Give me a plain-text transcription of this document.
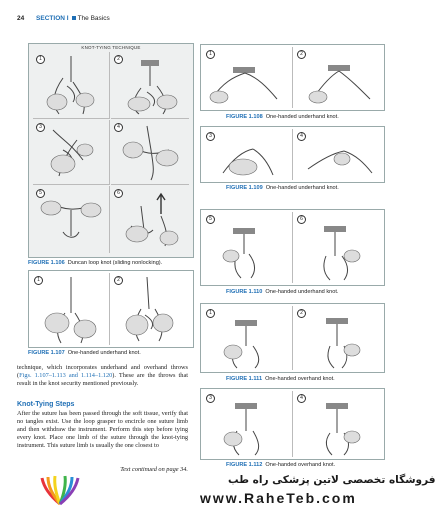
24 SECTION I The Basics
KNOT-TYING TECHNIQUE
1	2
3	4
5	6
FIGURE 1.106 Duncan loop knot (sliding nonlocking).
1	2
FIGURE 1.107 One-handed underhand knot.
technique, which incorporates underhand and overhand throws (Figs. 1.107–1.113 and 1.114–1.120). These are the throws that result in the knot security mentioned previously.
Knot-Tying Steps
After the suture has been passed through the soft tissue, verify that no tangles exist. Use the loop grasper to encircle one suture limb and then withdraw the instrument. Perform this step before tying every knot. Place one limb of the suture through the knot-tying instrument. This suture limb is usually the one closest to
Text continued on page 34.
1	2
FIGURE 1.108 One-handed underhand knot.
3	4
FIGURE 1.109 One-handed underhand knot.
5	6
FIGURE 1.110 One-handed underhand knot.
1	2
FIGURE 1.111 One-handed overhand knot.
3	4
FIGURE 1.112 One-handed overhand knot.
فروشگاه تخصصی لاتین پزشکی راه طب
www.RaheTeb.com
